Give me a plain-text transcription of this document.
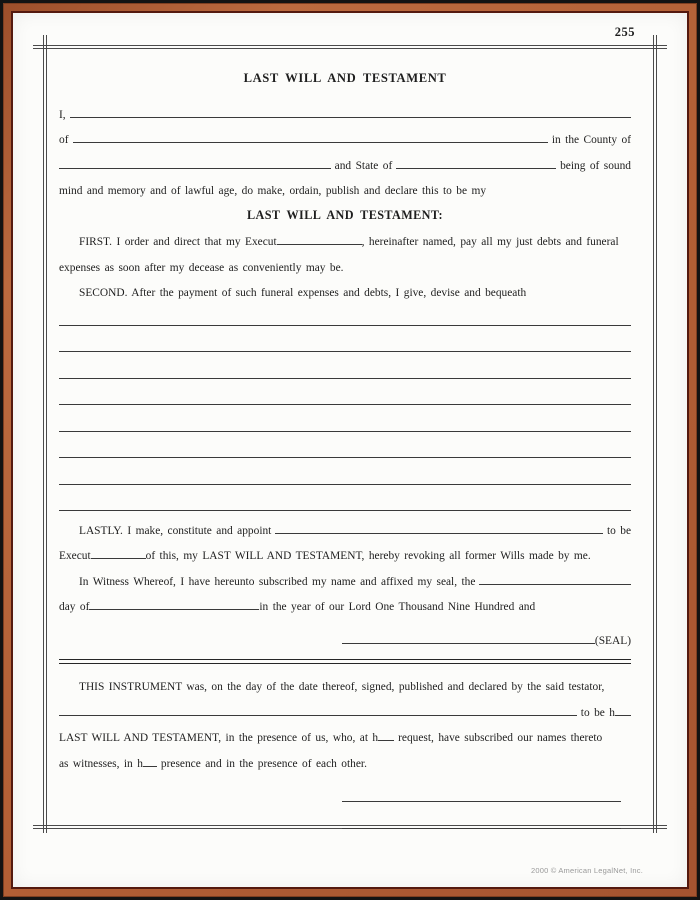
255
LAST WILL AND TESTAMENT
I,
of	in the County of
and State of	being of sound
mind and memory and of lawful age, do make, ordain, publish and declare this to be my
LAST WILL AND TESTAMENT:
FIRST. I order and direct that my Execut	, hereinafter named, pay all my just debts and funeral
expenses as soon after my decease as conveniently may be.
SECOND. After the payment of such funeral expenses and debts, I give, devise and bequeath
LASTLY. I make, constitute and appoint	to be
Execut	of this, my LAST WILL AND TESTAMENT, hereby revoking all former Wills made by me.
In Witness Whereof, I have hereunto subscribed my name and affixed my seal, the
day of	in the year of our Lord One Thousand Nine Hundred and
(SEAL)
THIS INSTRUMENT was, on the day of the date thereof, signed, published and declared by the said testator,
to be h
LAST WILL AND TESTAMENT, in the presence of us, who, at h request, have subscribed our names thereto
as witnesses, in h presence and in the presence of each other.
2000 © American LegalNet, Inc.
